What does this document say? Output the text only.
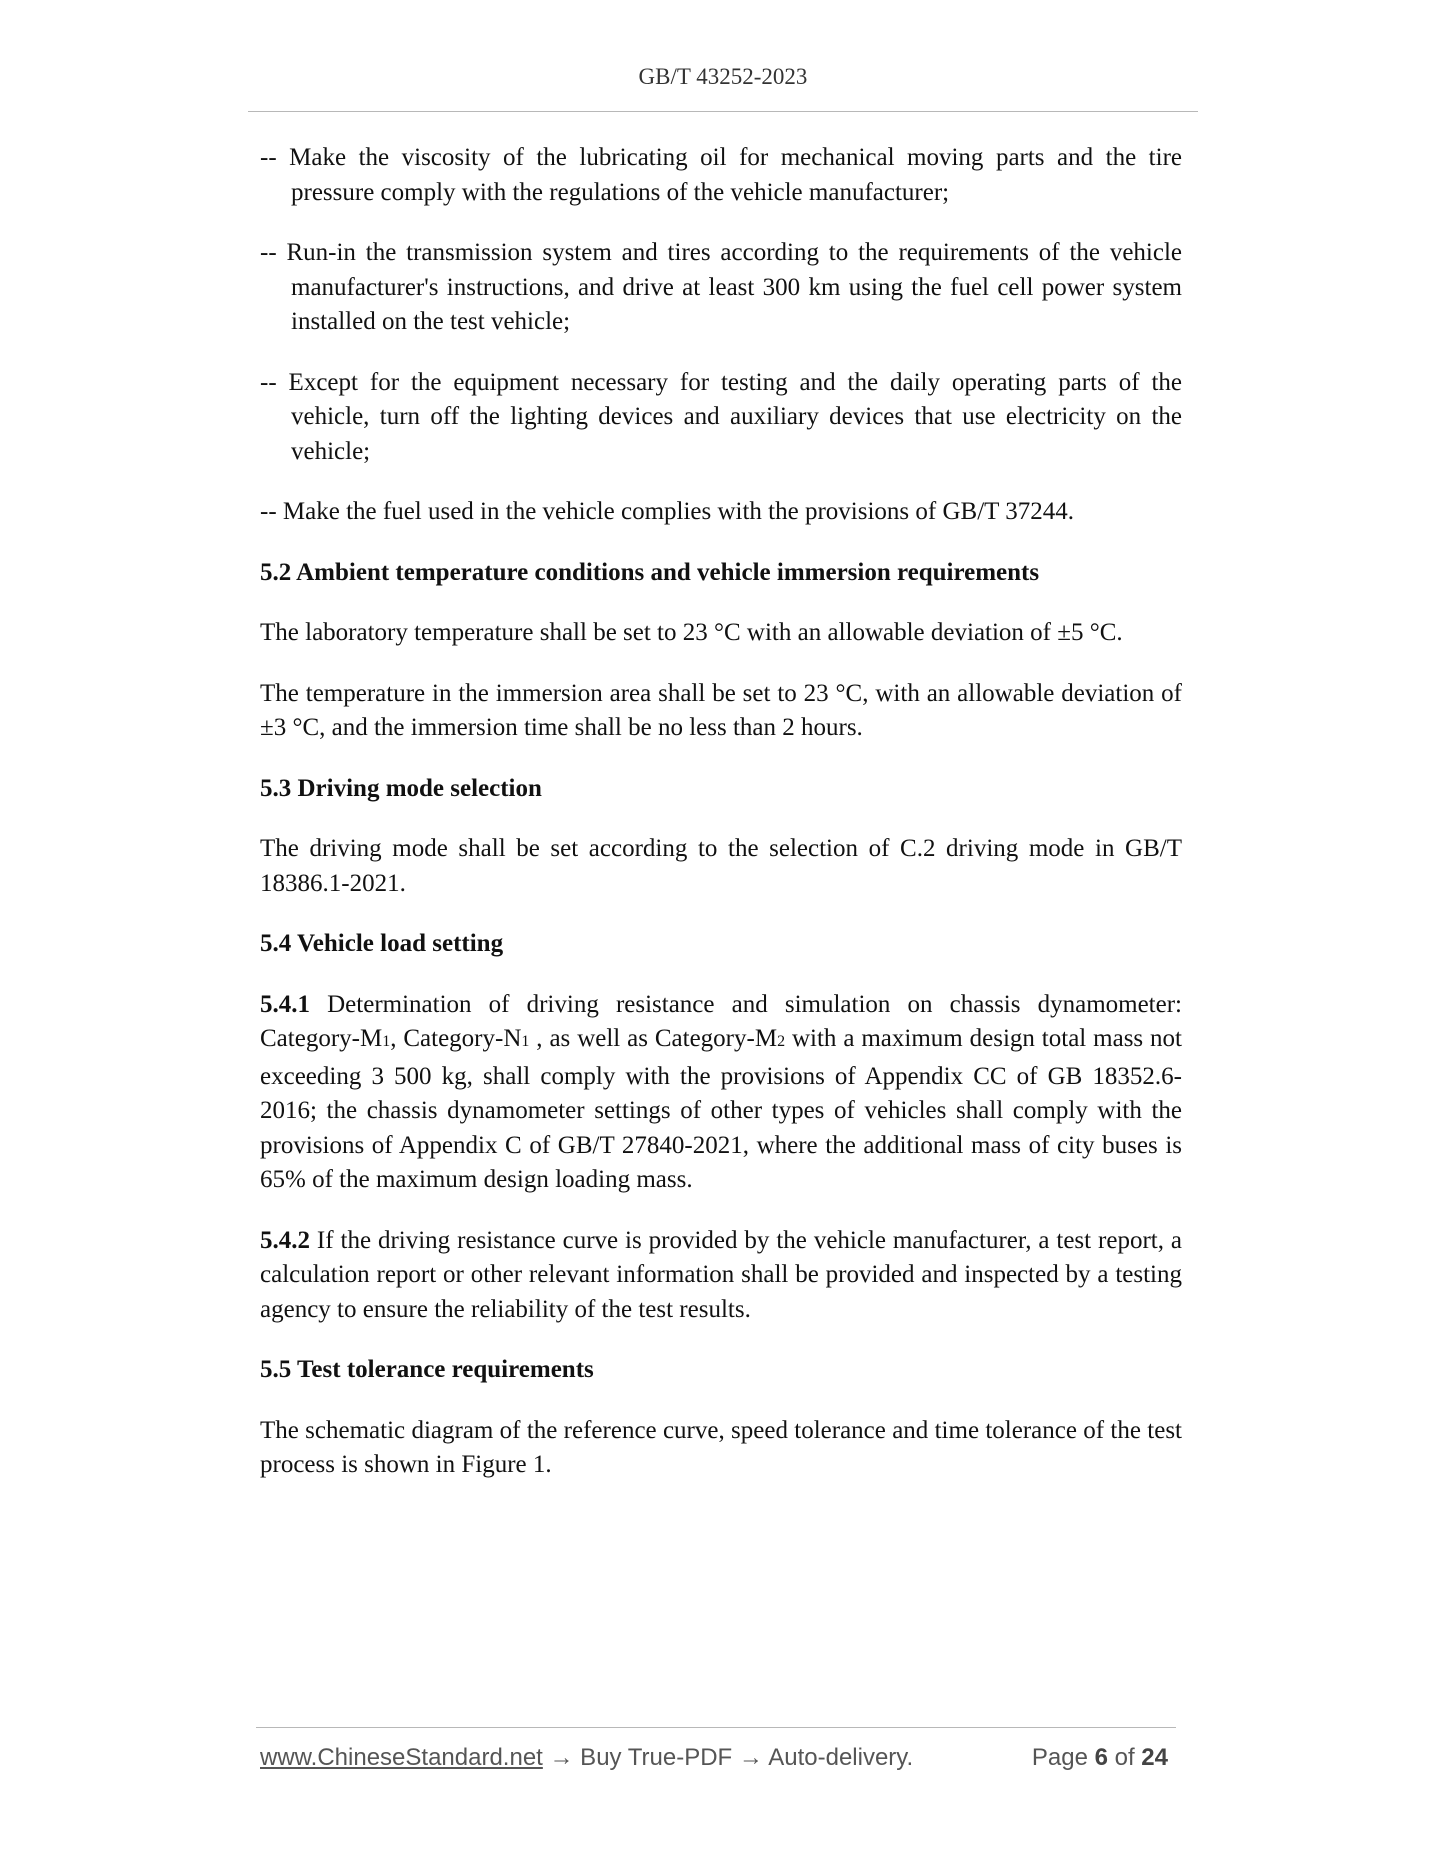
GB/T 43252-2023

-- Make the viscosity of the lubricating oil for mechanical moving parts and the tire pressure comply with the regulations of the vehicle manufacturer;

-- Run-in the transmission system and tires according to the requirements of the vehicle manufacturer's instructions, and drive at least 300 km using the fuel cell power system installed on the test vehicle;

-- Except for the equipment necessary for testing and the daily operating parts of the vehicle, turn off the lighting devices and auxiliary devices that use electricity on the vehicle;

-- Make the fuel used in the vehicle complies with the provisions of GB/T 37244.

5.2 Ambient temperature conditions and vehicle immersion requirements

The laboratory temperature shall be set to 23 °C with an allowable deviation of ±5 °C.

The temperature in the immersion area shall be set to 23 °C, with an allowable deviation of ±3 °C, and the immersion time shall be no less than 2 hours.

5.3 Driving mode selection

The driving mode shall be set according to the selection of C.2 driving mode in GB/T 18386.1-2021.

5.4 Vehicle load setting

5.4.1 Determination of driving resistance and simulation on chassis dynamometer: Category-M1, Category-N1 , as well as Category-M2 with a maximum design total mass not exceeding 3 500 kg, shall comply with the provisions of Appendix CC of GB 18352.6-2016; the chassis dynamometer settings of other types of vehicles shall comply with the provisions of Appendix C of GB/T 27840-2021, where the additional mass of city buses is 65% of the maximum design loading mass.

5.4.2 If the driving resistance curve is provided by the vehicle manufacturer, a test report, a calculation report or other relevant information shall be provided and inspected by a testing agency to ensure the reliability of the test results.

5.5 Test tolerance requirements

The schematic diagram of the reference curve, speed tolerance and time tolerance of the test process is shown in Figure 1.

www.ChineseStandard.net → Buy True-PDF → Auto-delivery.	Page 6 of 24
